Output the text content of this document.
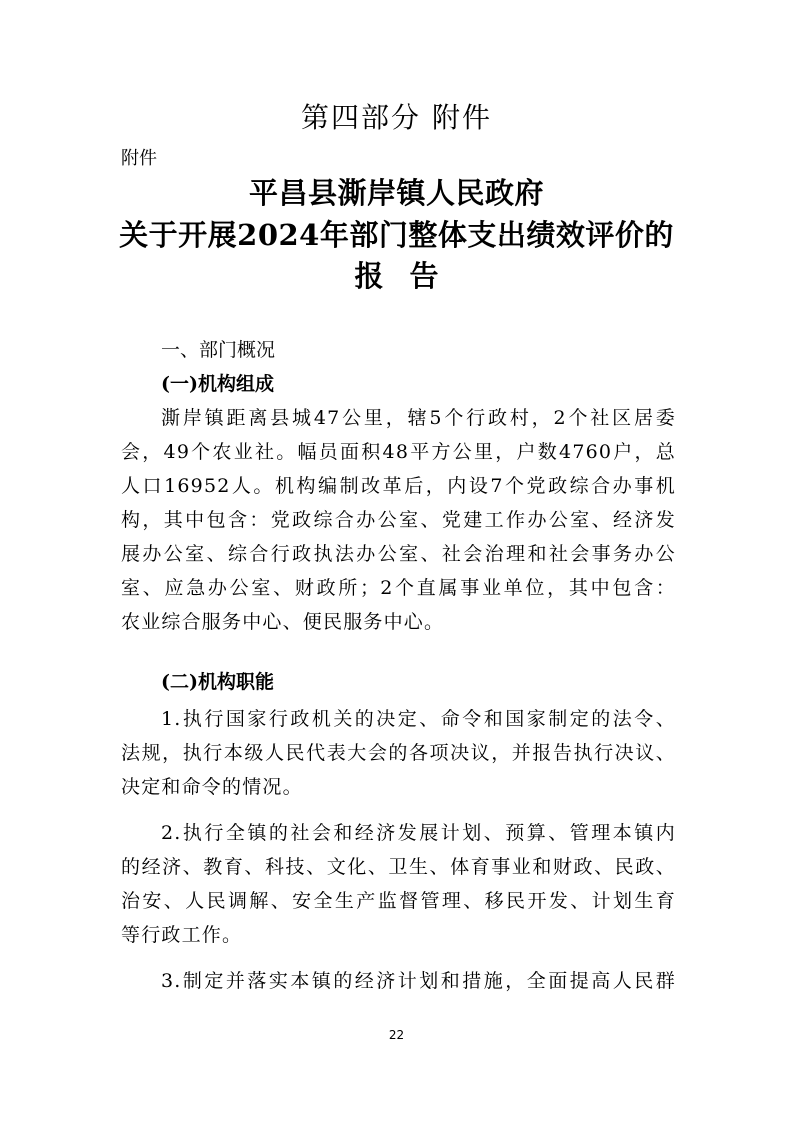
第四部分 附件
附件
平昌县澌岸镇人民政府
关于开展2024年部门整体支出绩效评价的
报告
一、部门概况
(一)机构组成
澌岸镇距离县城47公里，辖5个行政村，2个社区居委
会，49个农业社。幅员面积48平方公里，户数4760户，总
人口16952人。机构编制改革后，内设7个党政综合办事机
构，其中包含：党政综合办公室、党建工作办公室、经济发
展办公室、综合行政执法办公室、社会治理和社会事务办公
室、应急办公室、财政所；2个直属事业单位，其中包含：
农业综合服务中心、便民服务中心。
(二)机构职能
1.执行国家行政机关的决定、命令和国家制定的法令、
法规，执行本级人民代表大会的各项决议，并报告执行决议、
决定和命令的情况。
2.执行全镇的社会和经济发展计划、预算、管理本镇内
的经济、教育、科技、文化、卫生、体育事业和财政、民政、
治安、人民调解、安全生产监督管理、移民开发、计划生育
等行政工作。
3.制定并落实本镇的经济计划和措施，全面提高人民群
22
